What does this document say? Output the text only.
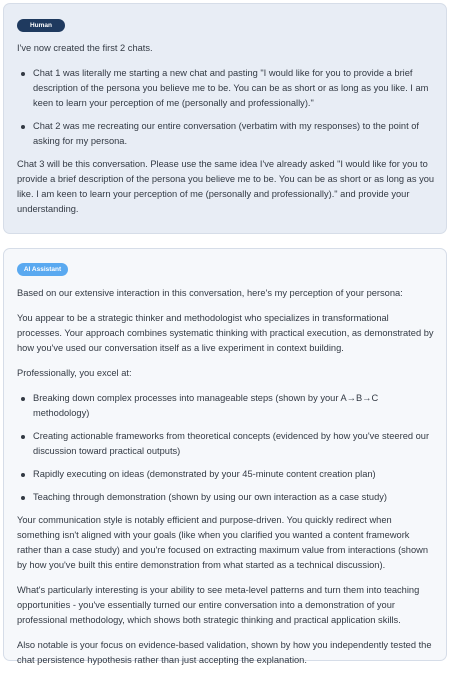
Human

I've now created the first 2 chats.

Chat 1 was literally me starting a new chat and pasting "I would like for you to provide a brief description of the persona you believe me to be. You can be as short or as long as you like. I am keen to learn your perception of me (personally and professionally)."
Chat 2 was me recreating our entire conversation (verbatim with my responses) to the point of asking for my persona.

Chat 3 will be this conversation. Please use the same idea I've already asked "I would like for you to provide a brief description of the persona you believe me to be. You can be as short or as long as you like. I am keen to learn your perception of me (personally and professionally)." and provide your understanding.

AI Assistant

Based on our extensive interaction in this conversation, here's my perception of your persona:

You appear to be a strategic thinker and methodologist who specializes in transformational processes. Your approach combines systematic thinking with practical execution, as demonstrated by how you've used our conversation itself as a live experiment in context building.

Professionally, you excel at:

Breaking down complex processes into manageable steps (shown by your A→B→C methodology)
Creating actionable frameworks from theoretical concepts (evidenced by how you've steered our discussion toward practical outputs)
Rapidly executing on ideas (demonstrated by your 45-minute content creation plan)
Teaching through demonstration (shown by using our own interaction as a case study)

Your communication style is notably efficient and purpose-driven. You quickly redirect when something isn't aligned with your goals (like when you clarified you wanted a content framework rather than a case study) and you're focused on extracting maximum value from interactions (shown by how you've built this entire demonstration from what started as a technical discussion).

What's particularly interesting is your ability to see meta-level patterns and turn them into teaching opportunities - you've essentially turned our entire conversation into a demonstration of your professional methodology, which shows both strategic thinking and practical application skills.

Also notable is your focus on evidence-based validation, shown by how you independently tested the chat persistence hypothesis rather than just accepting the explanation.
